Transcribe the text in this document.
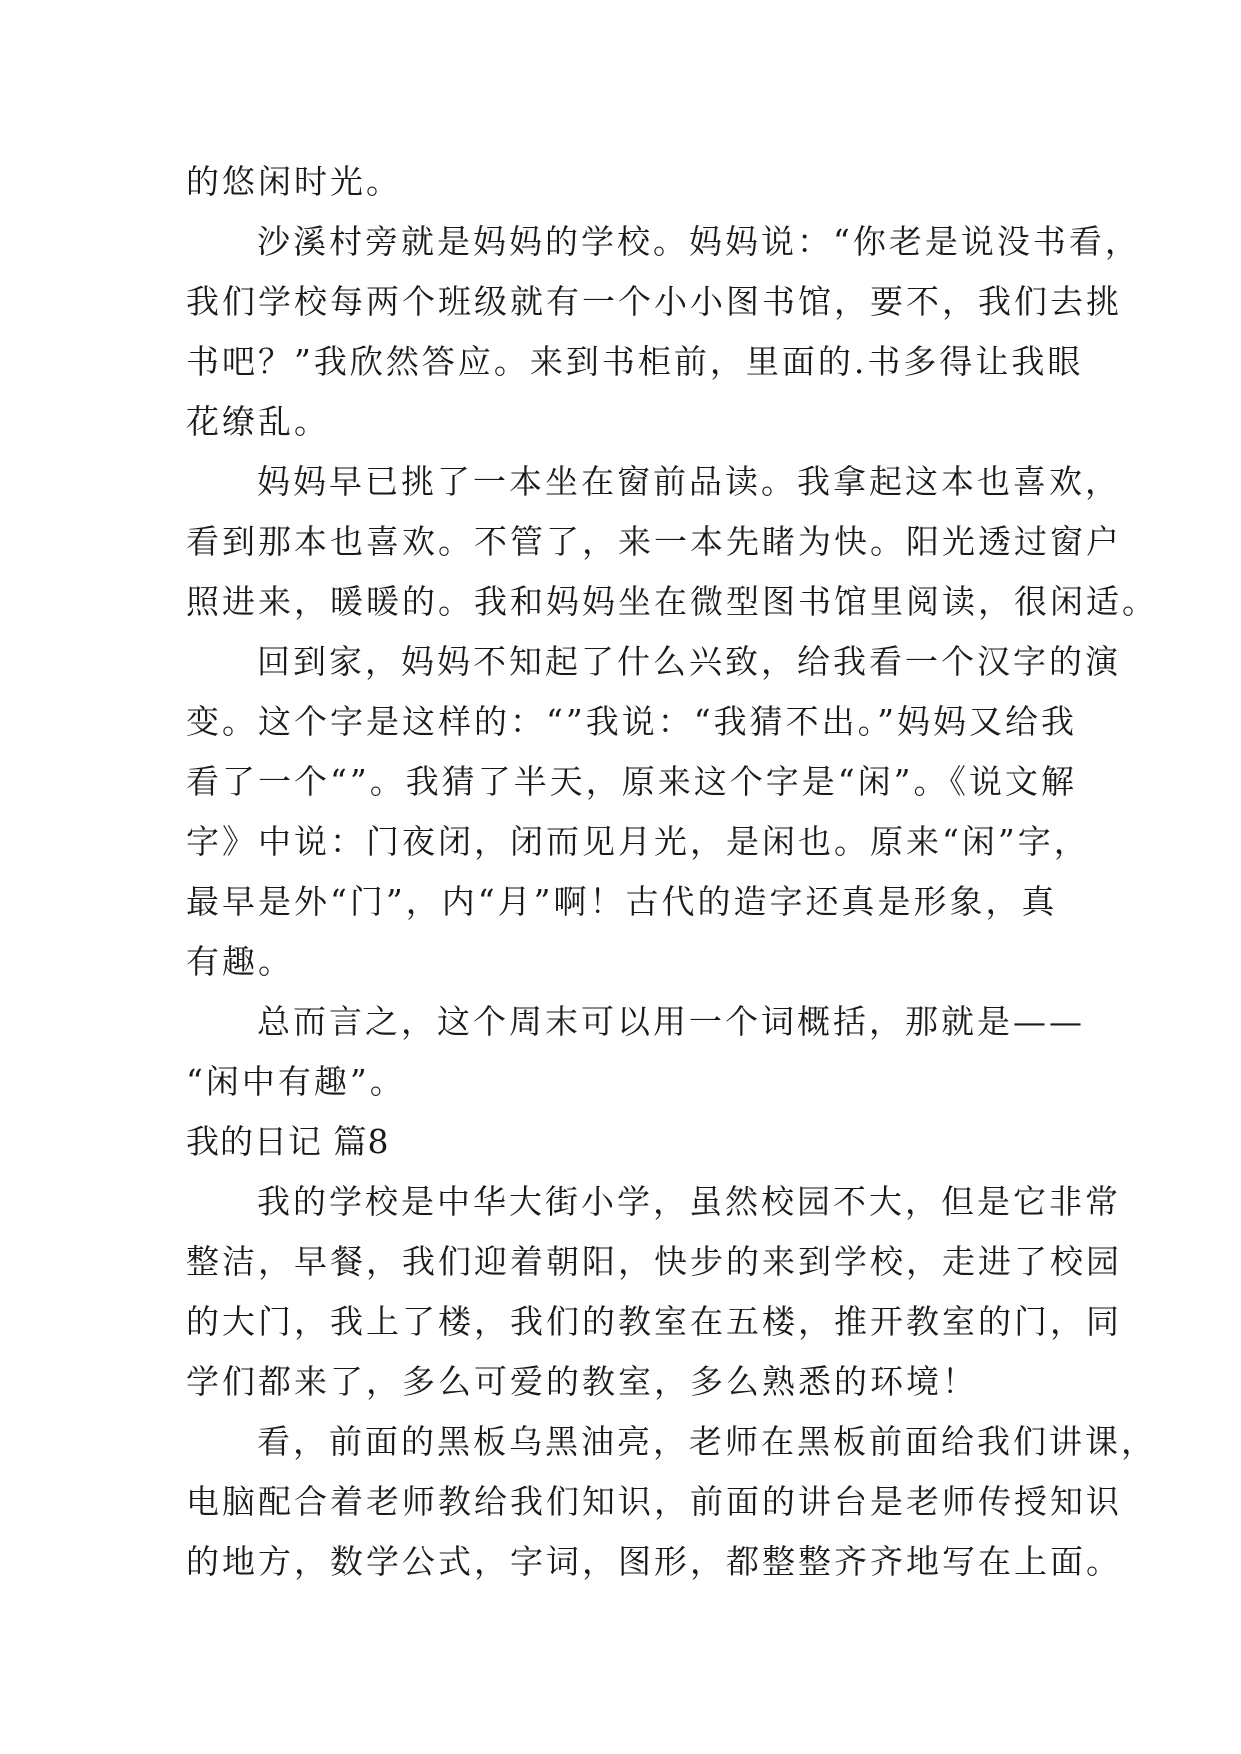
的悠闲时光。
沙溪村旁就是妈妈的学校。妈妈说：“你老是说没书看，
我们学校每两个班级就有一个小小图书馆，要不，我们去挑
书吧？”我欣然答应。来到书柜前，里面的.书多得让我眼
花缭乱。
妈妈早已挑了一本坐在窗前品读。我拿起这本也喜欢，
看到那本也喜欢。不管了，来一本先睹为快。阳光透过窗户
照进来，暖暖的。我和妈妈坐在微型图书馆里阅读，很闲适。
回到家，妈妈不知起了什么兴致，给我看一个汉字的演
变。这个字是这样的：“”我说：“我猜不出。”妈妈又给我
看了一个“”。我猜了半天，原来这个字是“闲”。《说文解
字》中说：门夜闭，闭而见月光，是闲也。原来“闲”字，
最早是外“门”，内“月”啊！古代的造字还真是形象，真
有趣。
总而言之，这个周末可以用一个词概括，那就是——
“闲中有趣”。
我的日记 篇8
我的学校是中华大街小学，虽然校园不大，但是它非常
整洁，早餐，我们迎着朝阳，快步的来到学校，走进了校园
的大门，我上了楼，我们的教室在五楼，推开教室的门，同
学们都来了，多么可爱的教室，多么熟悉的环境！
看，前面的黑板乌黑油亮，老师在黑板前面给我们讲课，
电脑配合着老师教给我们知识，前面的讲台是老师传授知识
的地方，数学公式，字词，图形，都整整齐齐地写在上面。
